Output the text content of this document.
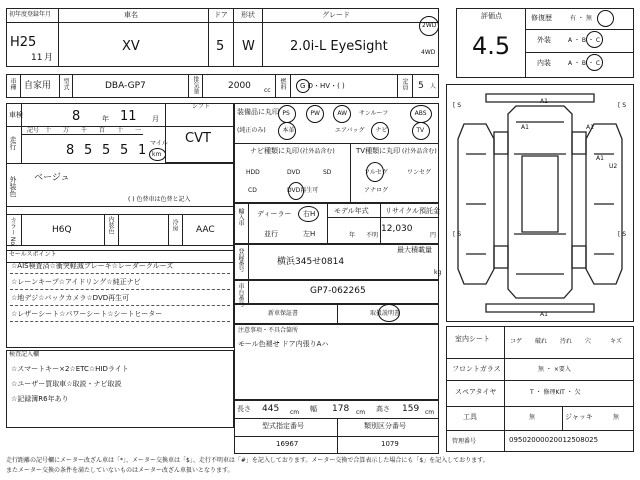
初年度登録年月
H25
11 月
車名
XV
ドア
5
形状
W
グレード
2.0i-L EyeSight
2WD
4WD
車種 自家用 型式	DBA-GP7	排気量	2000 cc
燃料 G D・HV・( )	定員 5 人
車検	8	年 11 月
シフト
CVT
走行
記号 十 万 千 百 十 一
8 5 5 5 1 マイル
km
外装色 ベージュ
( ) 色替車は色替と記入
カラー No.	H6Q	内装色	冷房 AAC
装備品に丸印
(純正のみ)
PS	PW	AW サンルーフ	ABS
本革	エアバッグ ナビ	TV
ナビ種類に丸印 (社外品含む)
HDD	DVD	SD
CD	DVD再生可
TV種類に丸印 (社外品含む)
フルセグ	ワンセグ
アナログ
輸入車 ディーラー
並行
右H
左H
モデル年式
年 不明
リサイクル預託金
12,030
円
登録番号	最大積載量
横浜345せ0814
kg
車台番号	GP7-062265
新車保証書	取扱説明書
注意事項・不具合箇所
モール色褪せ ドア内張りAハ
セールスポイント
☆AIS検査済☆衝突軽減ブレーキ☆レーダークルーズ
☆レーンキープ☆アイドリング☆純正ナビ
☆地デジ☆バックカメラ☆DVD再生可
☆レザーシート☆パワーシート☆シートヒーター
検査記入欄
☆スマートキー×2☆ETC☆HIDライト
☆ユーザー買取車☆取説・ナビ取説
☆記録簿R6年あり
長さ 445 cm 幅 178 cm 高さ 159 cm
型式指定番号
16967
類別区分番号
1079
評価点
4.5
修復歴	有 ・ 無
外装	A ・ B ・ C
内装	A ・ B ・ C
A1
A1	A1
A1
U2
A1
[ S	[ S
[ S	[ S
室内シート	コゲ 破れ 汚れ 穴	キズ
フロントガラス	無 ・ ×要入
スペアタイヤ	T ・ 修理KIT ・ 欠
工具	無	ジャッキ	無
管理番号	09502000020012508025
走行距離の記号欄にメーター改ざん車は「*」、メーター交換車は「$」、走行不明車は「#」を記入しております。メーター交換で合算表示した場合にも「$」を記入しております。
またメーター交換の条件を満たしていないものはメーター改ざん車扱いとなります。
